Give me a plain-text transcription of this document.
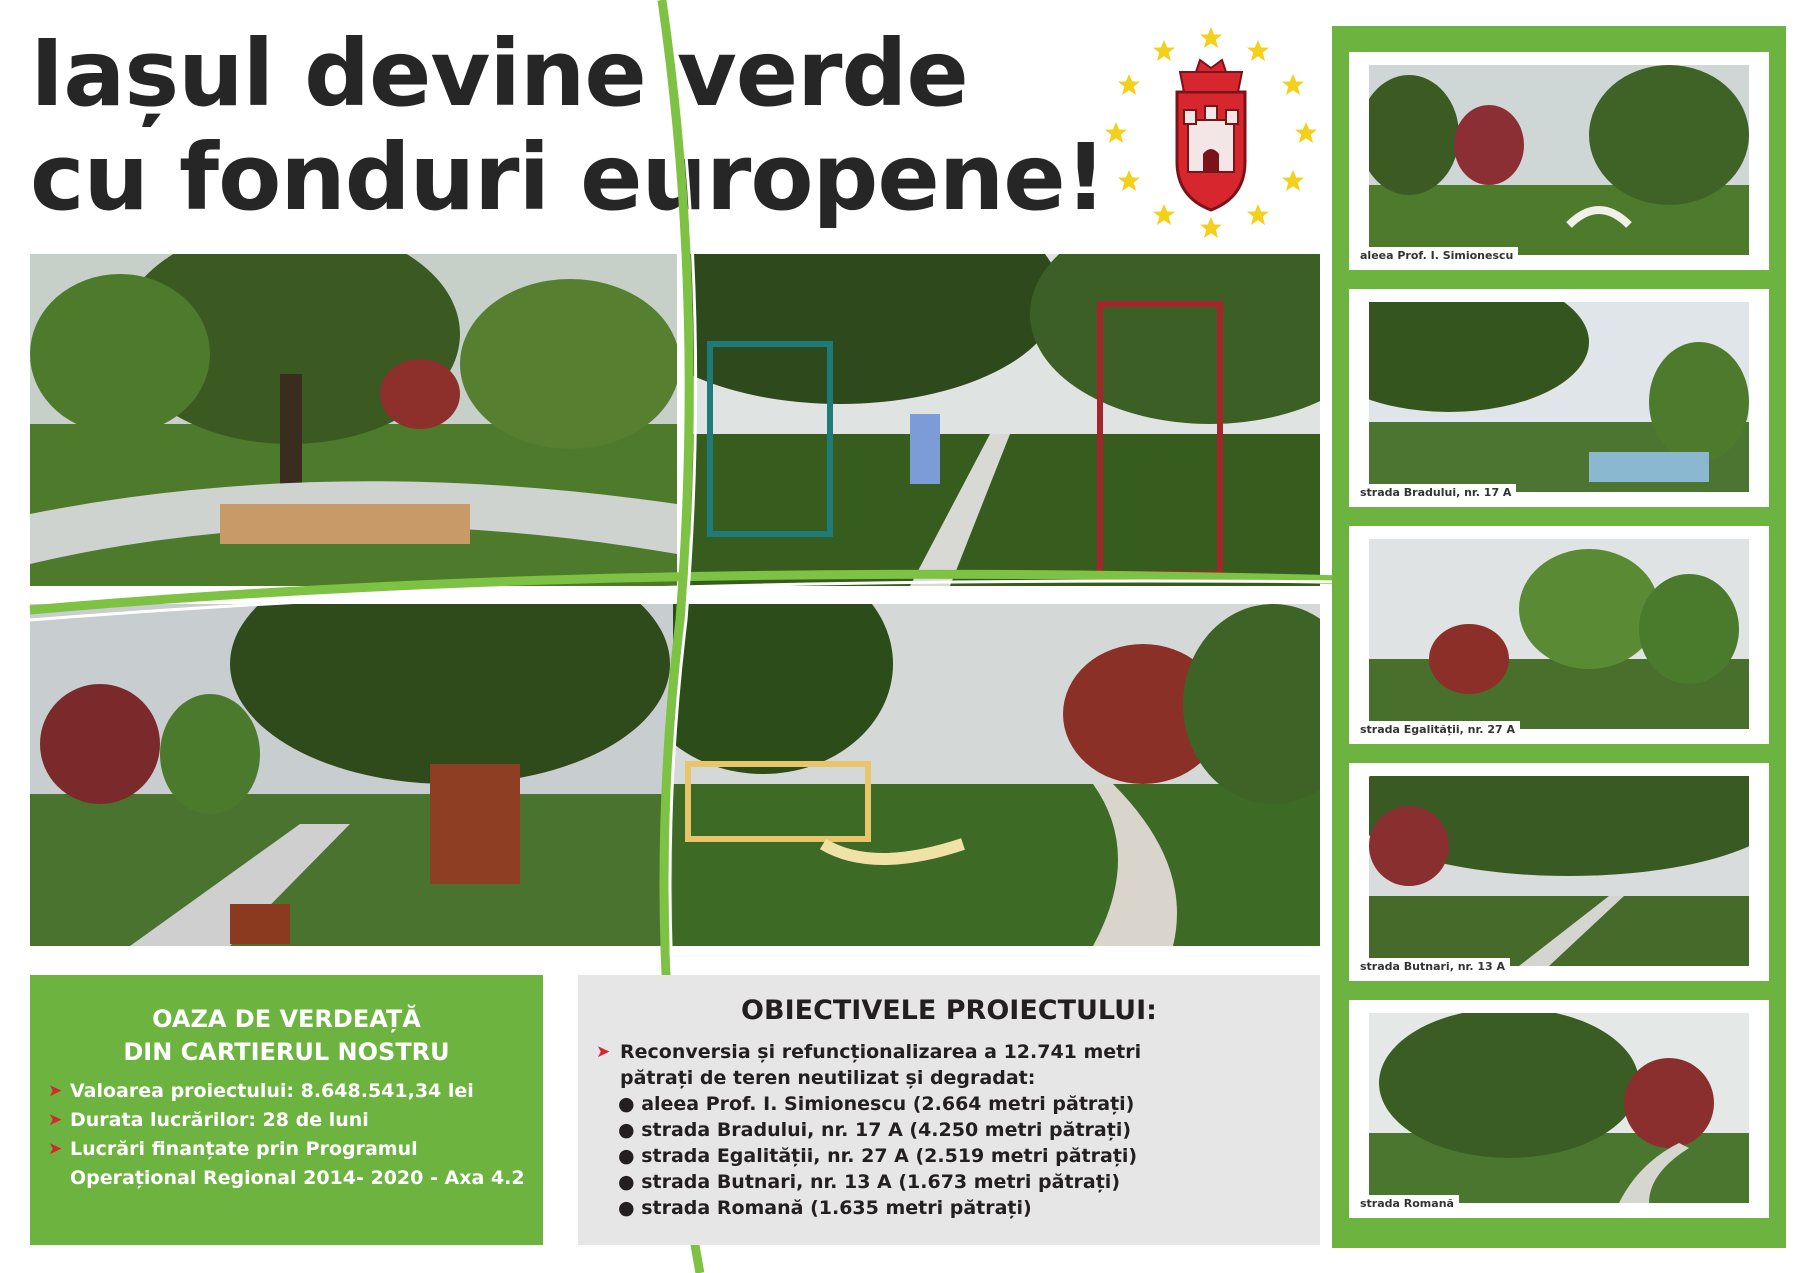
Iașul devine verde
cu fonduri europene!
OAZA DE VERDEAȚĂ
DIN CARTIERUL NOSTRU
➤ Valoarea proiectului: 8.648.541,34 lei
➤ Durata lucrărilor: 28 de luni
➤ Lucrări finanțate prin Programul Operațional Regional 2014- 2020 - Axa 4.2
OBIECTIVELE PROIECTULUI:
➤ Reconversia și refuncționalizarea a 12.741 metri
pătrați de teren neutilizat și degradat:
● aleea Prof. I. Simionescu (2.664 metri pătrați)
● strada Bradului, nr. 17 A (4.250 metri pătrați)
● strada Egalității, nr. 27 A (2.519 metri pătrați)
● strada Butnari, nr. 13 A (1.673 metri pătrați)
● strada Romană (1.635 metri pătrați)
aleea Prof. I. Simionescu
strada Bradului, nr. 17 A
strada Egalității, nr. 27 A
strada Butnari, nr. 13 A
strada Romană
